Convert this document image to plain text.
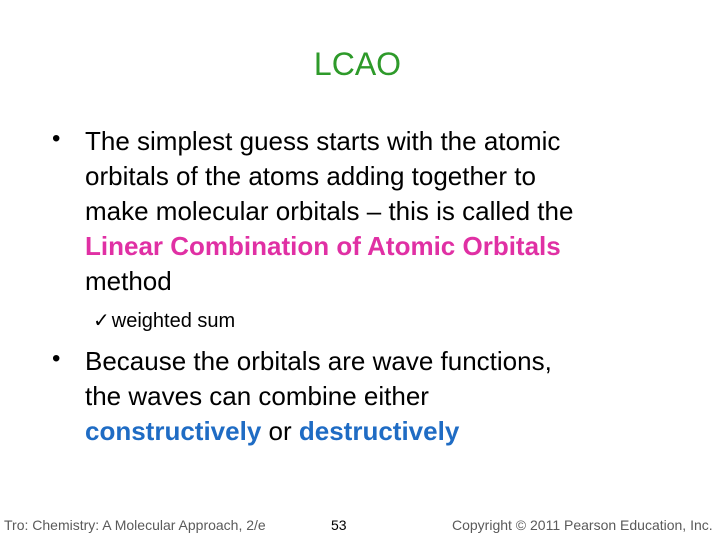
LCAO
• The simplest guess starts with the atomic
orbitals of the atoms adding together to
make molecular orbitals – this is called the
Linear Combination of Atomic Orbitals
method
✓ weighted sum
• Because the orbitals are wave functions,
the waves can combine either
constructively or destructively
Tro: Chemistry: A Molecular Approach, 2/e	53	Copyright © 2011 Pearson Education, Inc.
